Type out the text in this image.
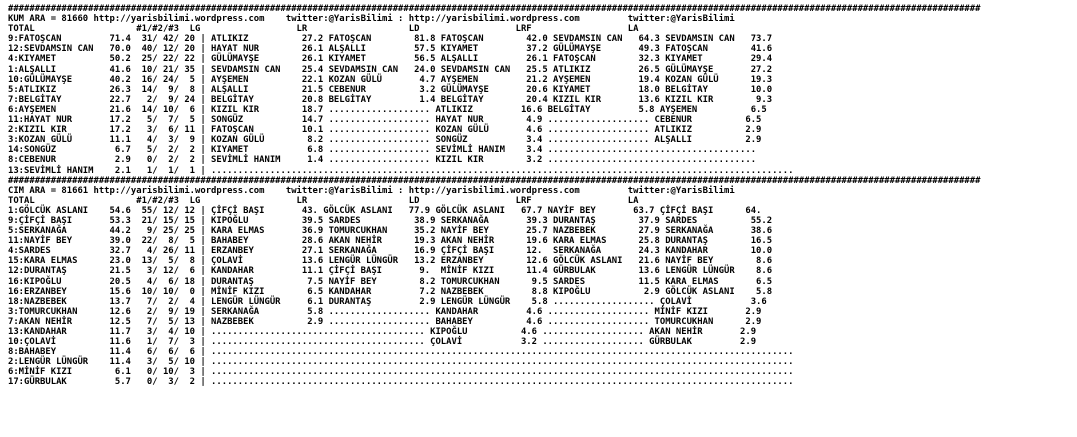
######################################################################################################################################################################################
KUM ARA = 81660 http://yarisbilimi.wordpress.com    twitter:@YarisBilimi : http://yarisbilimi.wordpress.com         twitter:@YarisBilimi
TOTAL                   #1/#2/#3  LG                  LR                   LD                  LRF                  LA
9:FATOŞCAN         71.4  31/ 42/ 20 | ATLIKIZ          27.2 FATOŞCAN        81.8 FATOŞCAN        42.0 SEVDAMSIN CAN   64.3 SEVDAMSIN CAN   73.7
12:SEVDAMSIN CAN   70.0  40/ 12/ 20 | HAYAT NUR        26.1 ALŞALLI         57.5 KIYAMET         37.2 GÜLÜMAYŞE       49.3 FATOŞCAN        41.6
4:KIYAMET          50.2  25/ 22/ 22 | GÜLÜMAYŞE        26.1 KIYAMET         56.5 ALŞALLI         26.1 FATOŞCAN        32.3 KIYAMET         29.4
1:ALŞALLI          41.6  10/ 21/ 35 | SEVDAMSIN CAN    25.4 SEVDAMSIN CAN   24.0 SEVDAMSIN CAN   25.5 ATLIKIZ         26.5 GÜLÜMAYŞE       27.2
10:GÜLÜMAYŞE       40.2  16/ 24/  5 | AYŞEMEN          22.1 KOZAN GÜLÜ       4.7 AYŞEMEN         21.2 AYŞEMEN         19.4 KOZAN GÜLÜ      19.3
5:ATLIKIZ          26.3  14/  9/  8 | ALŞALLI          21.5 CEBENUR          3.2 GÜLÜMAYŞE       20.6 KIYAMET         18.0 BELGİTAY        10.0
7:BELGİTAY         22.7   2/  9/ 24 | BELGİTAY         20.8 BELGİTAY         1.4 BELGİTAY        20.4 KIZIL KIR       13.6 KIZIL KIR        9.3
6:AYŞEMEN          21.6  14/ 10/  6 | KIZIL KIR        18.7 ................... ATLIKIZ         16.6 BELGİTAY         5.8 AYŞEMEN          6.5
11:HAYAT NUR       17.2   5/  7/  5 | SONGÜZ           14.7 ................... HAYAT NUR        4.9 ................... CEBENUR          6.5
2:KIZIL KIR        17.2   3/  6/ 11 | FATOŞCAN         10.1 ................... KOZAN GÜLÜ       4.6 ................... ATLIKIZ          2.9
3:KOZAN GÜLÜ       11.1   4/  3/  9 | KOZAN GÜLÜ        8.2 ................... SONGÜZ           3.4 ................... ALŞALLI          2.9
14:SONGÜZ           6.7   5/  2/  2 | KIYAMET           6.8 ................... SEVİMLİ HANIM    3.4 .......................................
8:CEBENUR           2.9   0/  2/  2 | SEVİMLİ HANIM     1.4 ................... KIZIL KIR        3.2 .......................................
13:SEVİMLİ HANIM    2.1   1/  1/  1 | .............................................................................................................
######################################################################################################################################################################################
CIM ARA = 81661 http://yarisbilimi.wordpress.com    twitter:@YarisBilimi : http://yarisbilimi.wordpress.com         twitter:@YarisBilimi
TOTAL                   #1/#2/#3  LG                  LR                   LD                  LRF                  LA
1:GÖLCÜK ASLANI    54.6  55/ 12/ 12 | ÇİFÇİ BAŞI       43. GÖLCÜK ASLANI   77.9 GÖLCÜK ASLANI   67.7 NAYİF BEY       63.7 ÇİFÇİ BAŞI      64.
9:ÇİFÇİ BAŞI       53.3  21/ 15/ 15 | KIPOĞLU          39.5 SARDES          38.9 SERKANAĞA       39.3 DURANTAŞ        37.9 SARDES          55.2
5:SERKANAĞA        44.2   9/ 25/ 25 | KARA ELMAS       36.9 TOMURCUKHAN     35.2 NAYİF BEY       25.7 NAZBEBEK        27.9 SERKANAĞA       38.6
11:NAYİF BEY       39.0  22/  8/  5 | BAHABEY          28.6 AKAN NEHİR      19.3 AKAN NEHİR      19.6 KARA ELMAS      25.8 DURANTAŞ        16.5
4:SARDES           32.7   4/ 26/ 11 | ERZANBEY         27.1 SERKANAĞA       16.9 ÇİFÇİ BAŞI      12.  SERKANAĞA       24.3 KANDAHAR        10.0
15:KARA ELMAS      23.0  13/  5/  8 | ÇOLAVİ           13.6 LENGÜR LÜNGÜR   13.2 ERZANBEY        12.6 GÖLCÜK ASLANI   21.6 NAYİF BEY        8.6
12:DURANTAŞ        21.5   3/ 12/  6 | KANDAHAR         11.1 ÇİFÇİ BAŞI       9.  MİNİF KIZI      11.4 GÜRBULAK        13.6 LENGÜR LÜNGÜR    8.6
16:KIPOĞLU         20.5   4/  6/ 18 | DURANTAŞ          7.5 NAYİF BEY        8.2 TOMURCUKHAN      9.5 SARDES          11.5 KARA ELMAS       6.5
16:ERZANBEY        15.6  10/ 10/  0 | MİNİF KIZI        6.5 KANDAHAR         7.2 NAZBEBEK         8.8 KIPOĞLU          2.9 GÖLCÜK ASLANI    5.8
18:NAZBEBEK        13.7   7/  2/  4 | LENGÜR LÜNGÜR     6.1 DURANTAŞ         2.9 LENGÜR LÜNGÜR    5.8 ................... ÇOLAVİ           3.6
3:TOMURCUKHAN      12.6   2/  9/ 19 | SERKANAĞA         5.8 ................... KANDAHAR         4.6 ................... MİNİF KIZI       2.9
7:AKAN NEHİR       12.5   7/  5/ 13 | NAZBEBEK          2.9 ................... BAHABEY          4.6 ................... TOMURCUKHAN      2.9
13:KANDAHAR        11.7   3/  4/ 10 | ........................................ KIPOĞLU          4.6 ................... AKAN NEHİR       2.9
10:ÇOLAVİ          11.6   1/  7/  3 | ........................................ ÇOLAVİ           3.2 ................... GÜRBULAK         2.9
8:BAHABEY          11.4   6/  6/  6 | .............................................................................................................
2:LENGÜR LÜNGÜR    11.4   3/  5/ 10 | .............................................................................................................
6:MİNİF KIZI        6.1   0/ 10/  3 | .............................................................................................................
17:GÜRBULAK         5.7   0/  3/  2 | .............................................................................................................
